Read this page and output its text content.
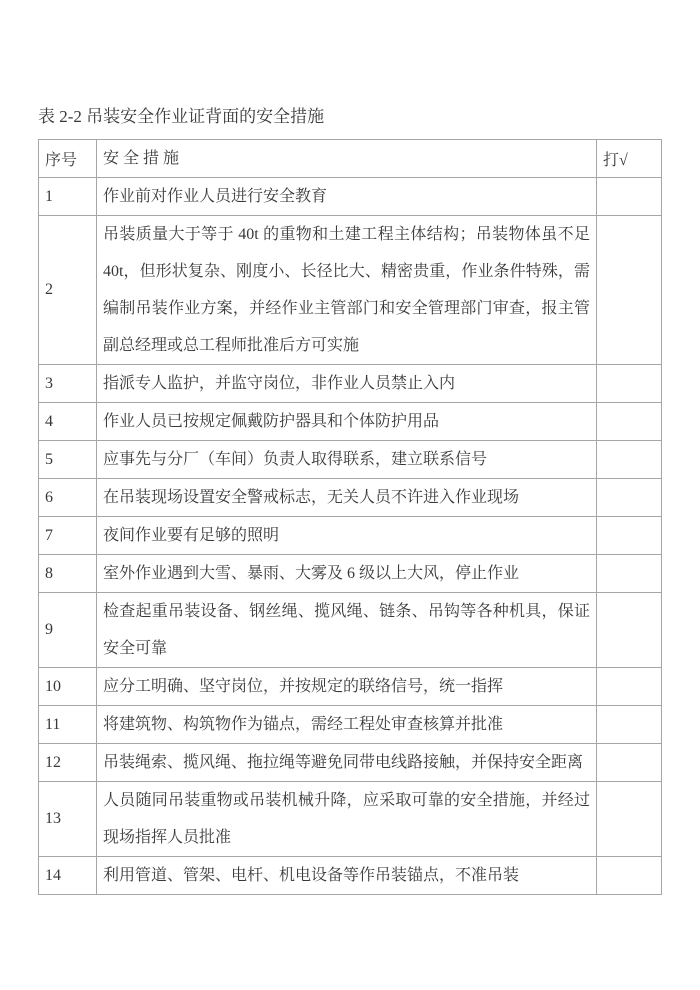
表 2-2 吊装安全作业证背面的安全措施
序号	安 全 措 施	打√
1	作业前对作业人员进行安全教育	
2	吊装质量大于等于 40t 的重物和土建工程主体结构；吊装物体虽不足 40t，但形状复杂、刚度小、长径比大、精密贵重，作业条件特殊，需编制吊装作业方案，并经作业主管部门和安全管理部门审查，报主管副总经理或总工程师批准后方可实施	
3	指派专人监护，并监守岗位，非作业人员禁止入内	
4	作业人员已按规定佩戴防护器具和个体防护用品	
5	应事先与分厂（车间）负责人取得联系，建立联系信号	
6	在吊装现场设置安全警戒标志，无关人员不许进入作业现场	
7	夜间作业要有足够的照明	
8	室外作业遇到大雪、暴雨、大雾及 6 级以上大风，停止作业	
9	检查起重吊装设备、钢丝绳、揽风绳、链条、吊钩等各种机具，保证安全可靠	
10	应分工明确、坚守岗位，并按规定的联络信号，统一指挥	
11	将建筑物、构筑物作为锚点，需经工程处审查核算并批准	
12	吊装绳索、揽风绳、拖拉绳等避免同带电线路接触，并保持安全距离	
13	人员随同吊装重物或吊装机械升降，应采取可靠的安全措施，并经过现场指挥人员批准	
14	利用管道、管架、电杆、机电设备等作吊装锚点，不准吊装	
